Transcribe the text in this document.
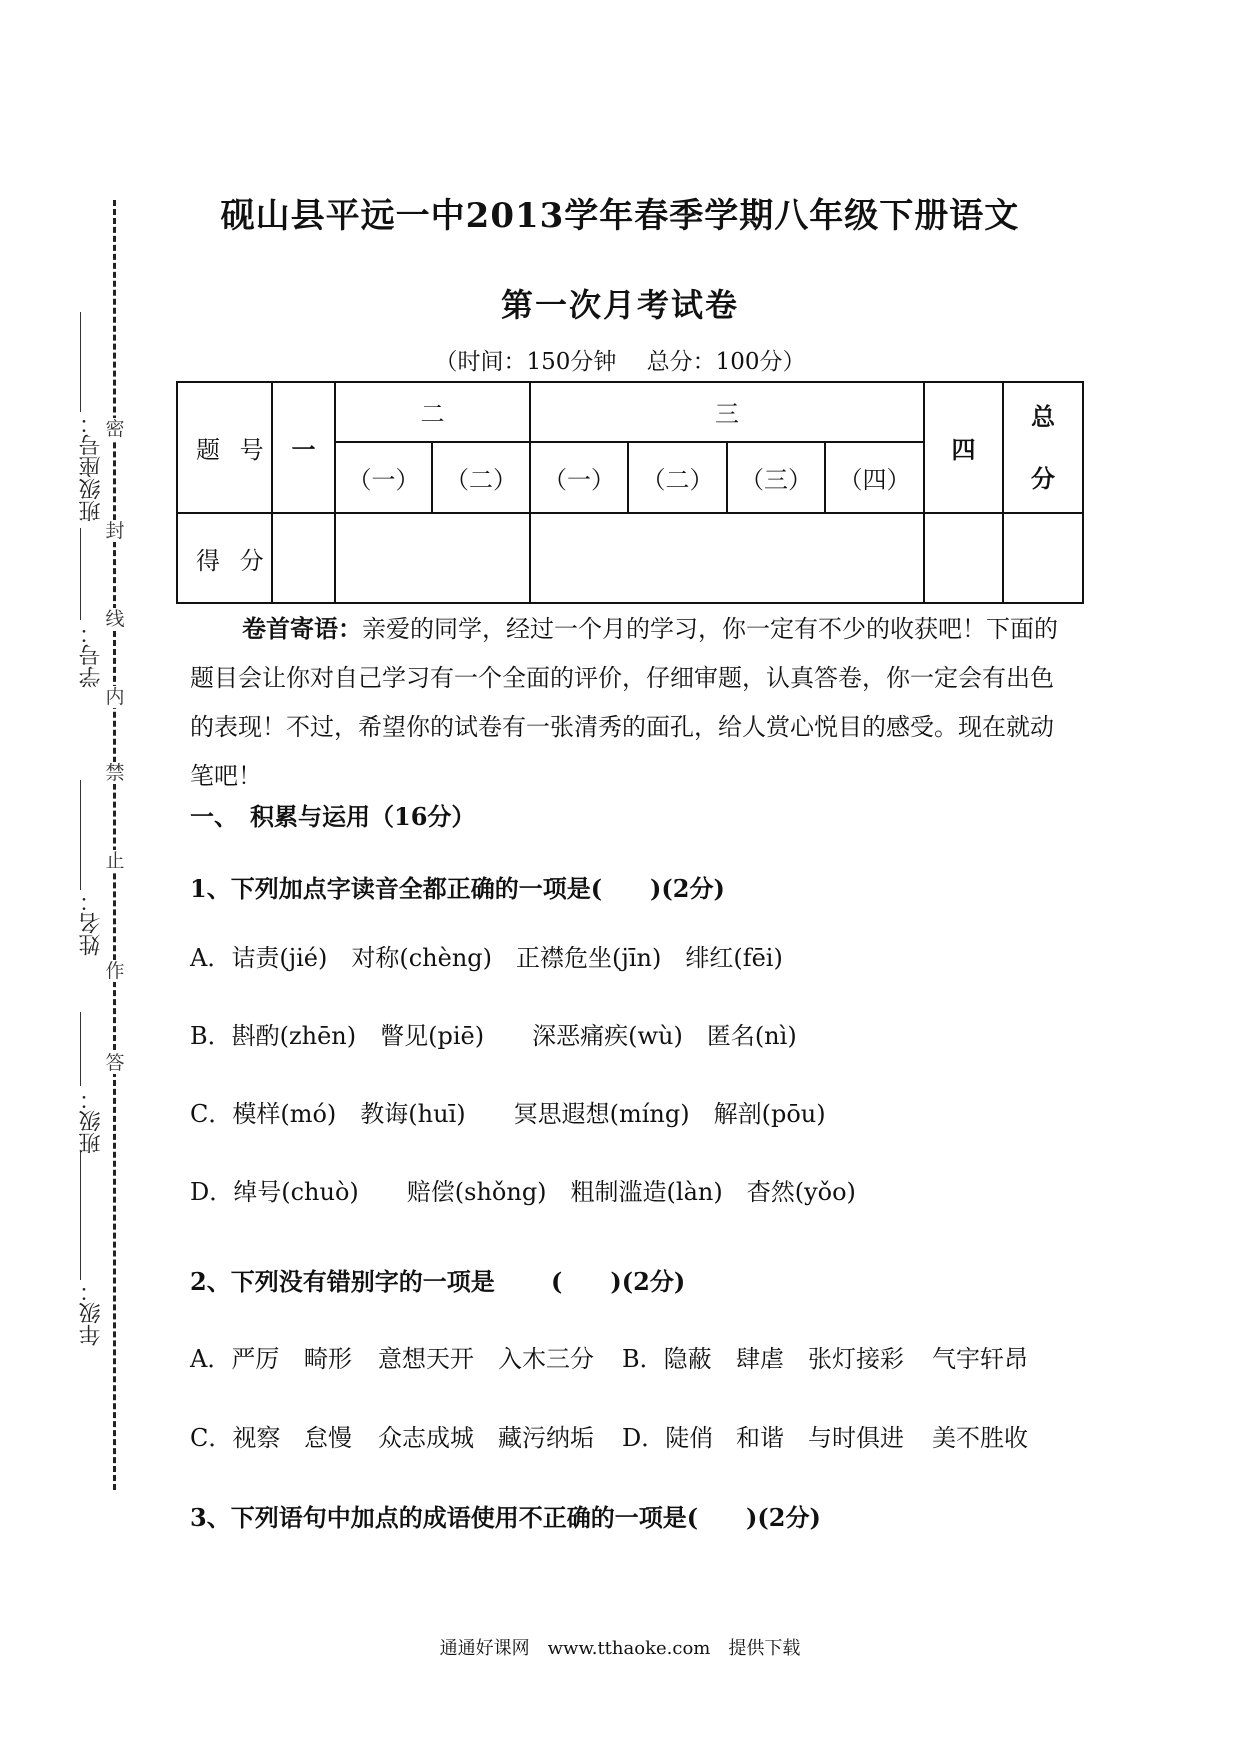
密
封
线
内
禁
止
作
答
班级座号：
学号：
姓名：
班级：
年级：
砚山县平远一中2013学年春季学期八年级下册语文
第一次月考试卷
（时间：150分钟　 总分：100分）
题 号	一	二		三				四	总分
		（一）	（二）	（一）	（二）	（三）	（四）		
得 分									
卷首寄语：亲爱的同学，经过一个月的学习，你一定有不少的收获吧！下面的题目会让你对自己学习有一个全面的评价，仔细审题，认真答卷，你一定会有出色的表现！不过，希望你的试卷有一张清秀的面孔，给人赏心悦目的感受。现在就动笔吧！
一、　积累与运用（16分）
1、下列加点字读音全都正确的一项是(　　)(2分)
A．诘责(jié)　对称(chèng)　正襟危坐(jīn)　绯红(fēi)
B．斟酌(zhēn)　瞥见(piē)　　深恶痛疾(wù)　匿名(nì)
C．模样(mó)　教诲(huī)　　冥思遐想(míng)　解剖(pōu)
D．绰号(chuò)　　赔偿(shǒng)　粗制滥造(làn)　杳然(yǒo)
2、下列没有错别字的一项是　　 (　　)(2分)
A．严厉	畸形	意想天开	入木三分	B．隐蔽	肆虐	张灯接彩	气宇轩昂
C．视察 怠慢	众志成城	藏污纳垢	D．陡俏 和谐	与时俱进	美不胜收
3、下列语句中加点的成语使用不正确的一项是(　　)(2分)
通通好课网　www.tthaoke.com　提供下载
